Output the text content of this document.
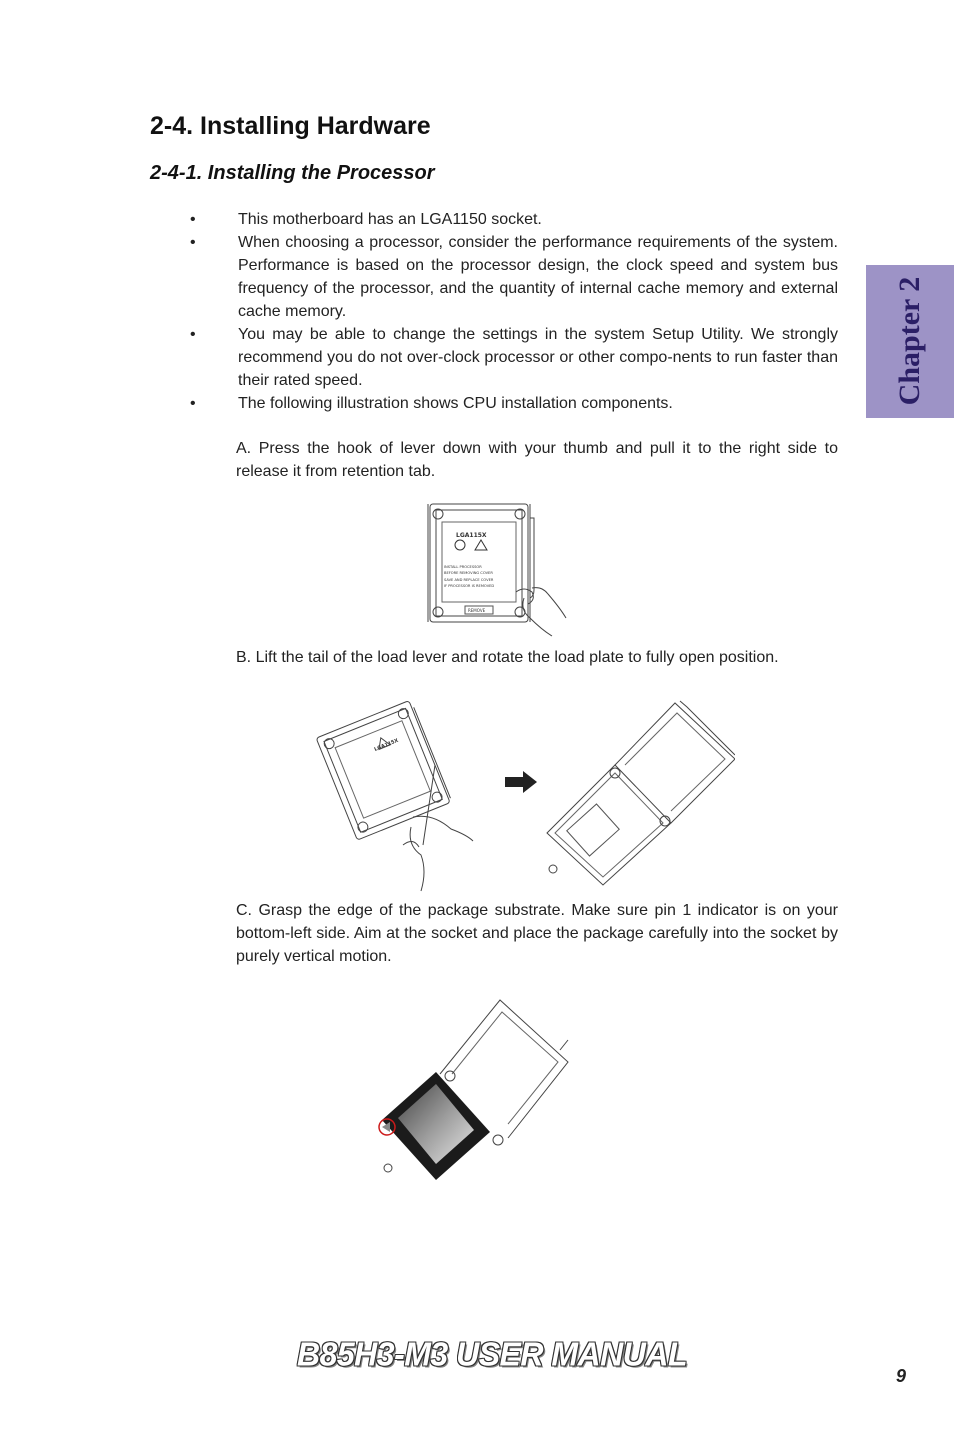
2-4. Installing Hardware
2-4-1. Installing the Processor
•	This motherboard has an LGA1150 socket.
•	When choosing a processor, consider the performance requirements of the system. Performance is based on the processor design, the clock speed and system bus frequency of the processor, and the quantity of internal cache memory and external cache memory.
•	You may be able to change the settings in the system Setup Utility. We strongly recommend you do not over-clock processor or other compo-nents to run faster than their rated speed.
•	The following illustration shows CPU installation components.

A. Press the hook of lever down with your thumb and pull it to the right side to release it from retention tab.

LGA115X
INSTALL PROCESSOR
BEFORE REMOVING COVER
SAVE AND REPLACE COVER
IF PROCESSOR IS REMOVED
REMOVE

B. Lift the tail of the load lever and rotate the load plate to fully open position.

LGA115X

C. Grasp the edge of the package substrate. Make sure pin 1 indicator is on your bottom-left side. Aim at the socket and place the package carefully into the socket by purely vertical motion.

Chapter 2
B85H3-M3 USER MANUAL
9
